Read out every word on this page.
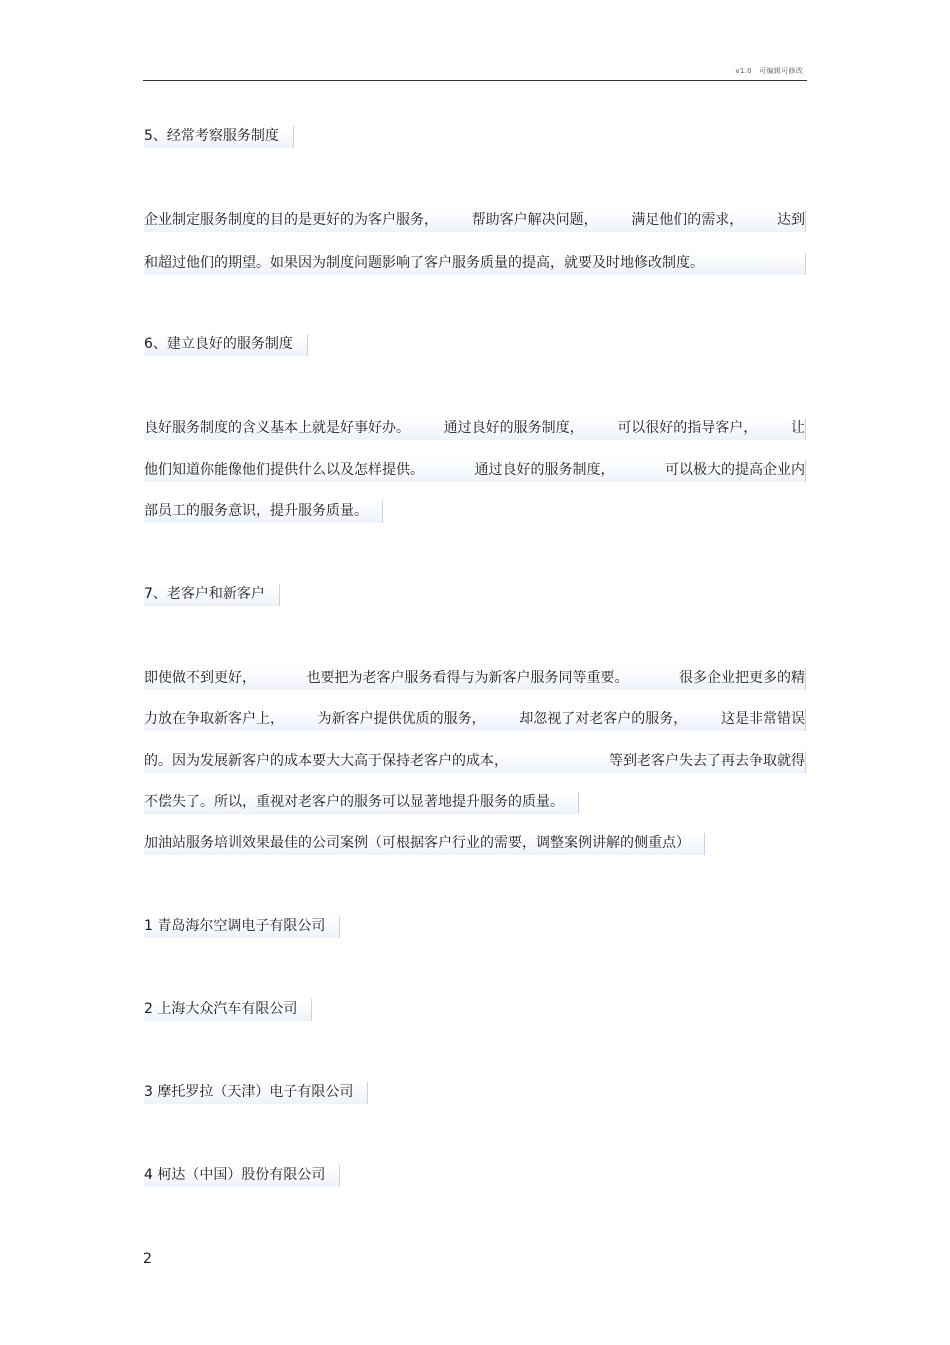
v1.0　可编辑可修改
5、经常考察服务制度
企业制定服务制度的目的是更好的为客户服务， 帮助客户解决问题， 满足他们的需求， 达到
和超过他们的期望。如果因为制度问题影响了客户服务质量的提高，就要及时地修改制度。
6、建立良好的服务制度
良好服务制度的含义基本上就是好事好办。 通过良好的服务制度， 可以很好的指导客户， 让
他们知道你能像他们提供什么以及怎样提供。	通过良好的服务制度，	可以极大的提高企业内
部员工的服务意识，提升服务质量。
7、老客户和新客户
即使做不到更好，	也要把为老客户服务看得与为新客户服务同等重要。	很多企业把更多的精
力放在争取新客户上， 为新客户提供优质的服务， 却忽视了对老客户的服务， 这是非常错误
的。因为发展新客户的成本要大大高于保持老客户的成本，	等到老客户失去了再去争取就得
不偿失了。所以，重视对老客户的服务可以显著地提升服务的质量。
加油站服务培训效果最佳的公司案例（可根据客户行业的需要，调整案例讲解的侧重点）
1 青岛海尔空调电子有限公司
2 上海大众汽车有限公司
3 摩托罗拉（天津）电子有限公司
4 柯达（中国）股份有限公司
2
